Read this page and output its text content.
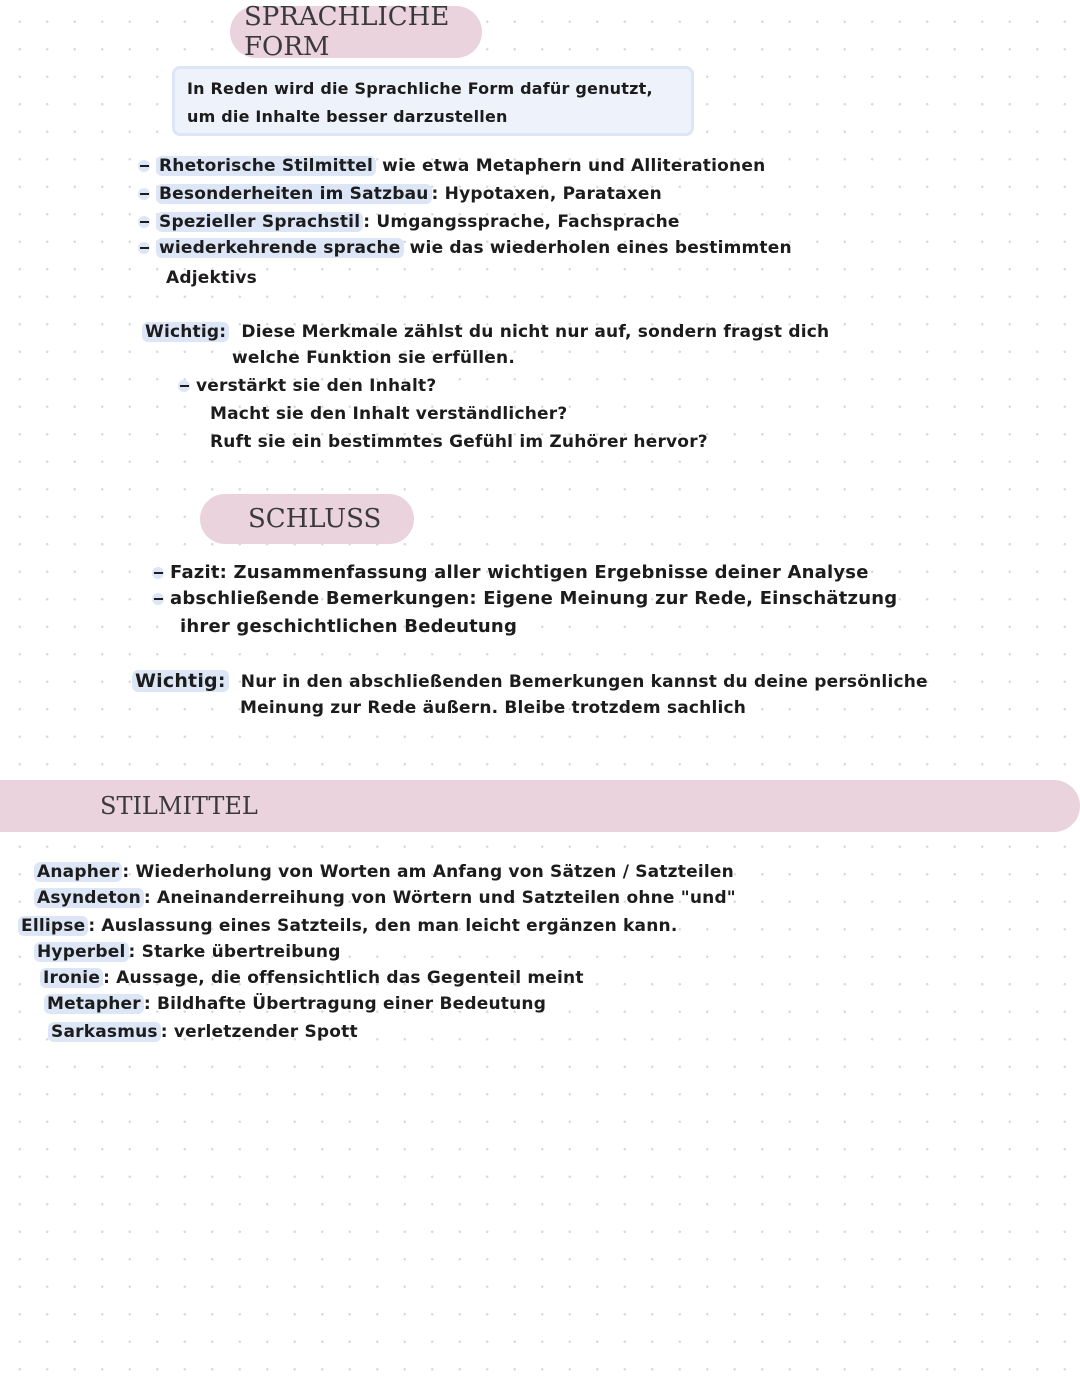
SPRACHLICHE FORM
In Reden wird die Sprachliche Form dafür genutzt,
um die Inhalte besser darzustellen
Rhetorische Stilmittel wie etwa Metaphern und Alliterationen
Besonderheiten im Satzbau : Hypotaxen, Parataxen
Spezieller Sprachstil : Umgangssprache, Fachsprache
wiederkehrende sprache wie das wiederholen eines bestimmten
Adjektivs
Wichtig: Diese Merkmale zählst du nicht nur auf, sondern fragst dich
welche Funktion sie erfüllen.
verstärkt sie den Inhalt?
Macht sie den Inhalt verständlicher?
Ruft sie ein bestimmtes Gefühl im Zuhörer hervor?
SCHLUSS
Fazit: Zusammenfassung aller wichtigen Ergebnisse deiner Analyse
abschließende Bemerkungen: Eigene Meinung zur Rede, Einschätzung
ihrer geschichtlichen Bedeutung
Wichtig: Nur in den abschließenden Bemerkungen kannst du deine persönliche
Meinung zur Rede äußern. Bleibe trotzdem sachlich
STILMITTEL
Anapher : Wiederholung von Worten am Anfang von Sätzen / Satzteilen
Asyndeton : Aneinanderreihung von Wörtern und Satzteilen ohne "und"
Ellipse : Auslassung eines Satzteils, den man leicht ergänzen kann.
Hyperbel : Starke übertreibung
Ironie : Aussage, die offensichtlich das Gegenteil meint
Metapher : Bildhafte Übertragung einer Bedeutung
Sarkasmus : verletzender Spott
